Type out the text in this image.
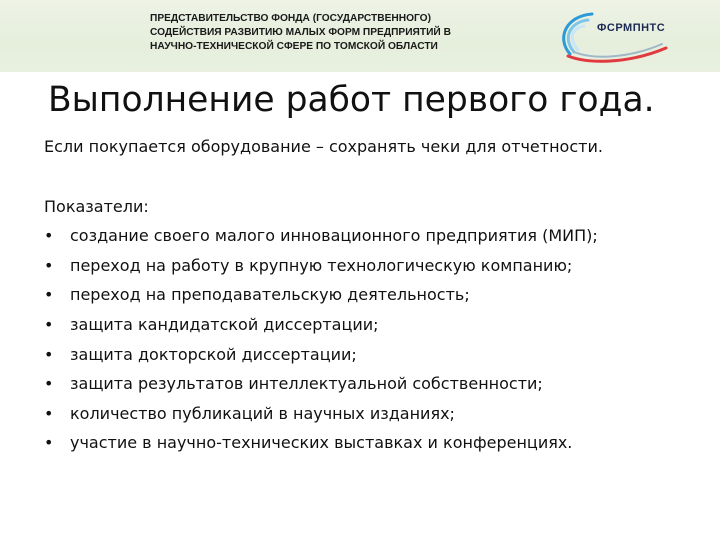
ПРЕДСТАВИТЕЛЬСТВО ФОНДА (ГОСУДАРСТВЕННОГО)
СОДЕЙСТВИЯ РАЗВИТИЮ МАЛЫХ ФОРМ ПРЕДПРИЯТИЙ В
НАУЧНО-ТЕХНИЧЕСКОЙ СФЕРЕ ПО ТОМСКОЙ ОБЛАСТИ
ФСРМПНТС
Выполнение работ первого года.
Если покупается оборудование – сохранять чеки для отчетности.
Показатели:
• создание своего малого инновационного предприятия (МИП);
• переход на работу в крупную технологическую компанию;
• переход на преподавательскую деятельность;
• защита кандидатской диссертации;
• защита докторской диссертации;
• защита результатов интеллектуальной собственности;
• количество публикаций в научных изданиях;
• участие в научно-технических выставках и конференциях.
